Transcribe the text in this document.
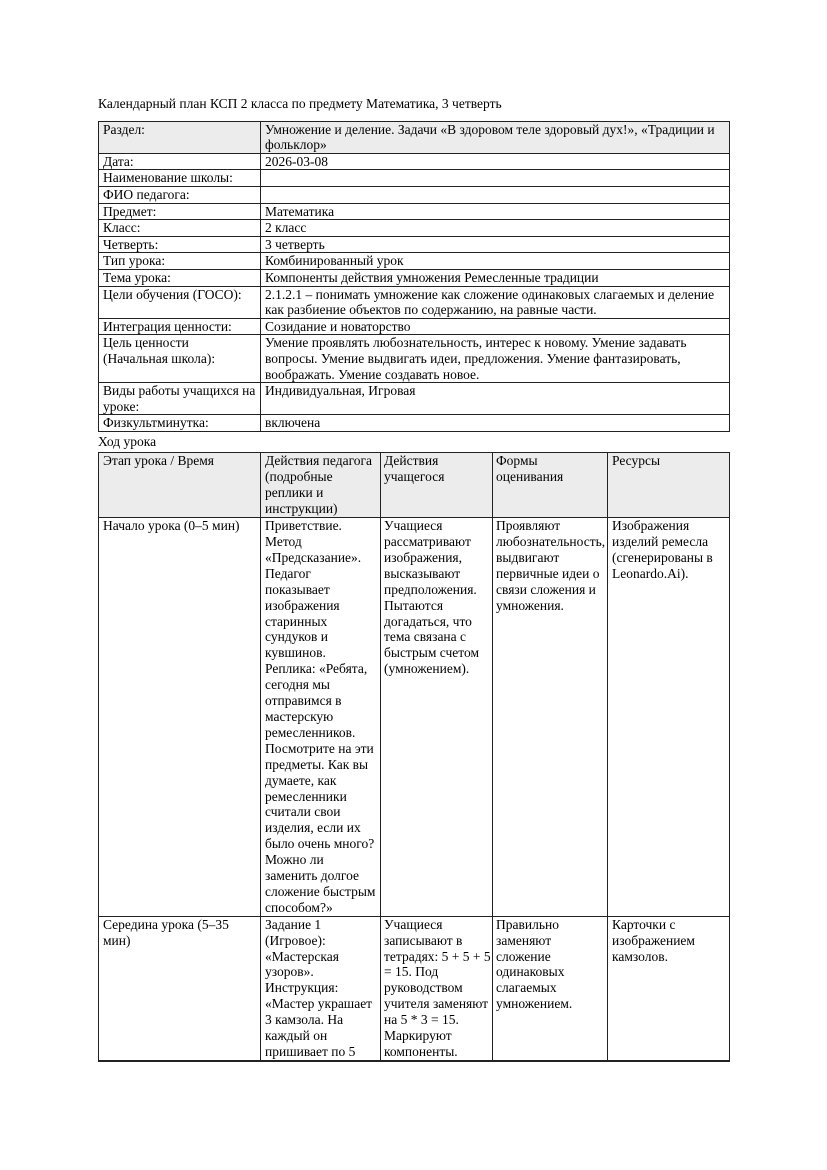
Календарный план КСП 2 класса по предмету Математика, 3 четверть
Раздел:	Умножение и деление. Задачи «В здоровом теле здоровый дух!», «Традиции и фольклор»
Дата:	2026-03-08
Наименование школы:	
ФИО педагога:	
Предмет:	Математика
Класс:	2 класс
Четверть:	3 четверть
Тип урока:	Комбинированный урок
Тема урока:	Компоненты действия умножения Ремесленные традиции
Цели обучения (ГОСО):	2.1.2.1 – понимать умножение как сложение одинаковых слагаемых и деление как разбиение объектов по содержанию, на равные части.
Интеграция ценности:	Созидание и новаторство
Цель ценности (Начальная школа):	Умение проявлять любознательность, интерес к новому. Умение задавать вопросы. Умение выдвигать идеи, предложения. Умение фантазировать, воображать. Умение создавать новое.
Виды работы учащихся на уроке:	Индивидуальная, Игровая
Физкультминутка:	включена
Ход урока
Этап урока / Время	Действия педагога (подробные реплики и инструкции)	Действия учащегося	Формы оценивания	Ресурсы
Начало урока (0–5 мин)	Приветствие. Метод «Предсказание». Педагог показывает изображения старинных сундуков и кувшинов. Реплика: «Ребята, сегодня мы отправимся в мастерскую ремесленников. Посмотрите на эти предметы. Как вы думаете, как ремесленники считали свои изделия, если их было очень много? Можно ли заменить долгое сложение быстрым способом?»	Учащиеся рассматривают изображения, высказывают предположения. Пытаются догадаться, что тема связана с быстрым счетом (умножением).	Проявляют любознательность, выдвигают первичные идеи о связи сложения и умножения.	Изображения изделий ремесла (сгенерированы в Leonardo.Ai).
Середина урока (5–35 мин)	Задание 1 (Игровое): «Мастерская узоров». Инструкция: «Мастер украшает 3 камзола. На каждый он пришивает по 5	Учащиеся записывают в тетрадях: 5 + 5 + 5 = 15. Под руководством учителя заменяют на 5 * 3 = 15. Маркируют компоненты.	Правильно заменяют сложение одинаковых слагаемых умножением.	Карточки с изображением камзолов.
